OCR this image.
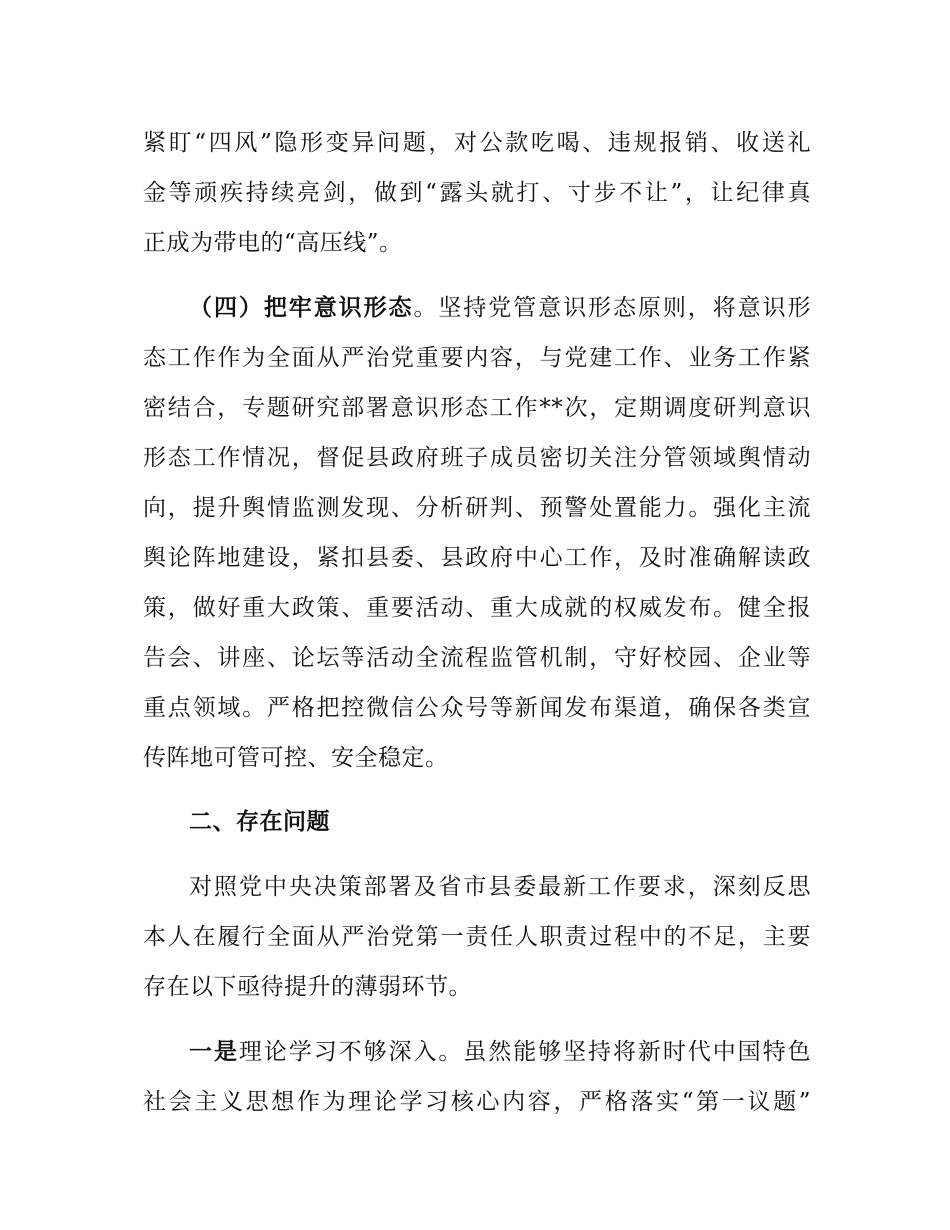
紧盯“四风”隐形变异问题，对公款吃喝、违规报销、收送礼
金等顽疾持续亮剑，做到“露头就打、寸步不让”，让纪律真
正成为带电的“高压线”。
（四）把牢意识形态。坚持党管意识形态原则，将意识形
态工作作为全面从严治党重要内容，与党建工作、业务工作紧
密结合，专题研究部署意识形态工作**次，定期调度研判意识
形态工作情况，督促县政府班子成员密切关注分管领域舆情动
向，提升舆情监测发现、分析研判、预警处置能力。强化主流
舆论阵地建设，紧扣县委、县政府中心工作，及时准确解读政
策，做好重大政策、重要活动、重大成就的权威发布。健全报
告会、讲座、论坛等活动全流程监管机制，守好校园、企业等
重点领域。严格把控微信公众号等新闻发布渠道，确保各类宣
传阵地可管可控、安全稳定。
二、存在问题
对照党中央决策部署及省市县委最新工作要求，深刻反思
本人在履行全面从严治党第一责任人职责过程中的不足，主要
存在以下亟待提升的薄弱环节。
一是理论学习不够深入。虽然能够坚持将新时代中国特色
社会主义思想作为理论学习核心内容，严格落实“第一议题”
